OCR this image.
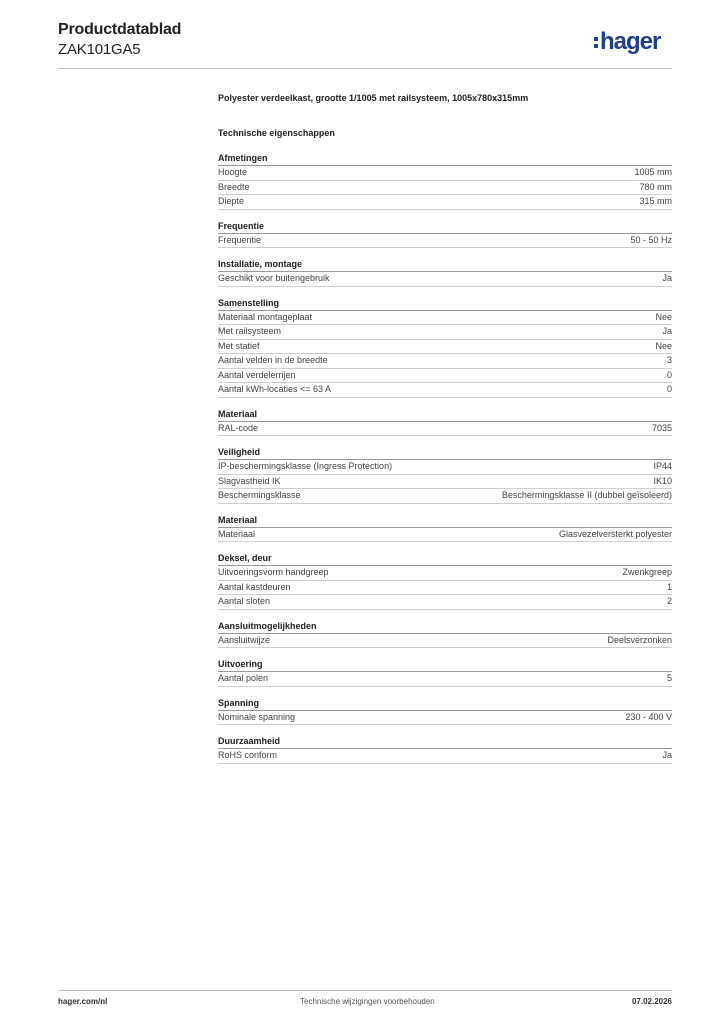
Productdatablad
ZAK101GA5	hager
Polyester verdeelkast, grootte 1/1005 met railsysteem, 1005x780x315mm
Technische eigenschappen
Afmetingen
Hoogte	1005 mm
Breedte	780 mm
Diepte	315 mm
Frequentie
Frequentie	50 - 50 Hz
Installatie, montage
Geschikt voor buitengebruik	Ja
Samenstelling
Materiaal montageplaat	Nee
Met railsysteem	Ja
Met statief	Nee
Aantal velden in de breedte	3
Aantal verdelerrijen	0
Aantal kWh-locaties <= 63 A	0
Materiaal
RAL-code	7035
Veiligheid
IP-beschermingsklasse (Ingress Protection)	IP44
Slagvastheid IK	IK10
Beschermingsklasse	Beschermingsklasse II (dubbel geïsoleerd)
Materiaal
Materiaal	Glasvezelversterkt polyester
Deksel, deur
Uitvoeringsvorm handgreep	Zwenkgreep
Aantal kastdeuren	1
Aantal sloten	2
Aansluitmogelijkheden
Aansluitwijze	Deelsverzonken
Uitvoering
Aantal polen	5
Spanning
Nominale spanning	230 - 400 V
Duurzaamheid
RoHS conform	Ja
hager.com/nl	Technische wijzigingen voorbehouden	07.02.2026
